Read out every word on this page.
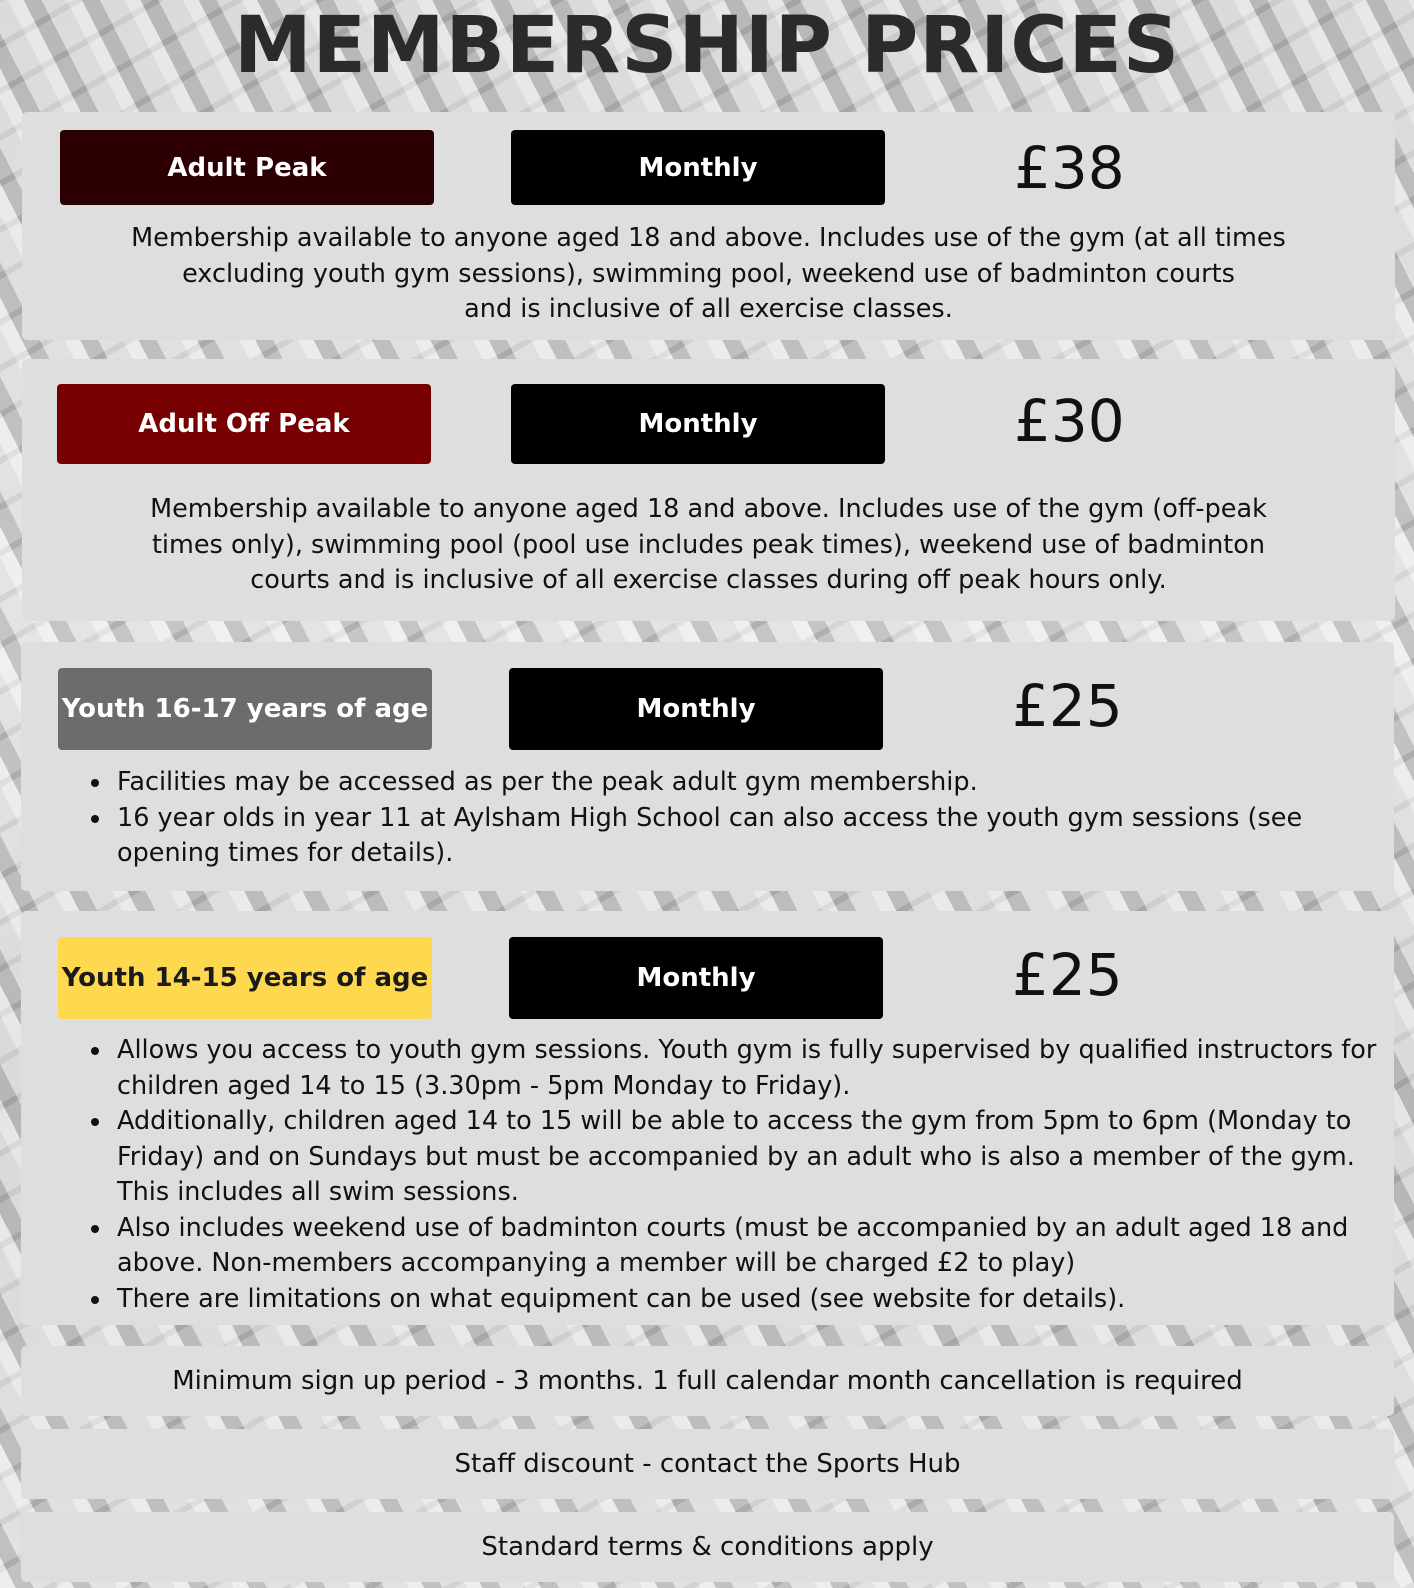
MEMBERSHIP PRICES
Adult Peak	Monthly	£38
Membership available to anyone aged 18 and above. Includes use of the gym (at all times
excluding youth gym sessions), swimming pool, weekend use of badminton courts
and is inclusive of all exercise classes.
Adult Off Peak	Monthly	£30
Membership available to anyone aged 18 and above. Includes use of the gym (off-peak
times only), swimming pool (pool use includes peak times), weekend use of badminton
courts and is inclusive of all exercise classes during off peak hours only.
Youth 16-17 years of age	Monthly	£25
• Facilities may be accessed as per the peak adult gym membership.
• 16 year olds in year 11 at Aylsham High School can also access the youth gym sessions (see opening times for details).
Youth 14-15 years of age	Monthly	£25
• Allows you access to youth gym sessions. Youth gym is fully supervised by qualified instructors for children aged 14 to 15 (3.30pm - 5pm Monday to Friday).
• Additionally, children aged 14 to 15 will be able to access the gym from 5pm to 6pm (Monday to Friday) and on Sundays but must be accompanied by an adult who is also a member of the gym. This includes all swim sessions.
• Also includes weekend use of badminton courts (must be accompanied by an adult aged 18 and above. Non-members accompanying a member will be charged £2 to play)
• There are limitations on what equipment can be used (see website for details).
Minimum sign up period - 3 months. 1 full calendar month cancellation is required
Staff discount - contact the Sports Hub
Standard terms & conditions apply
